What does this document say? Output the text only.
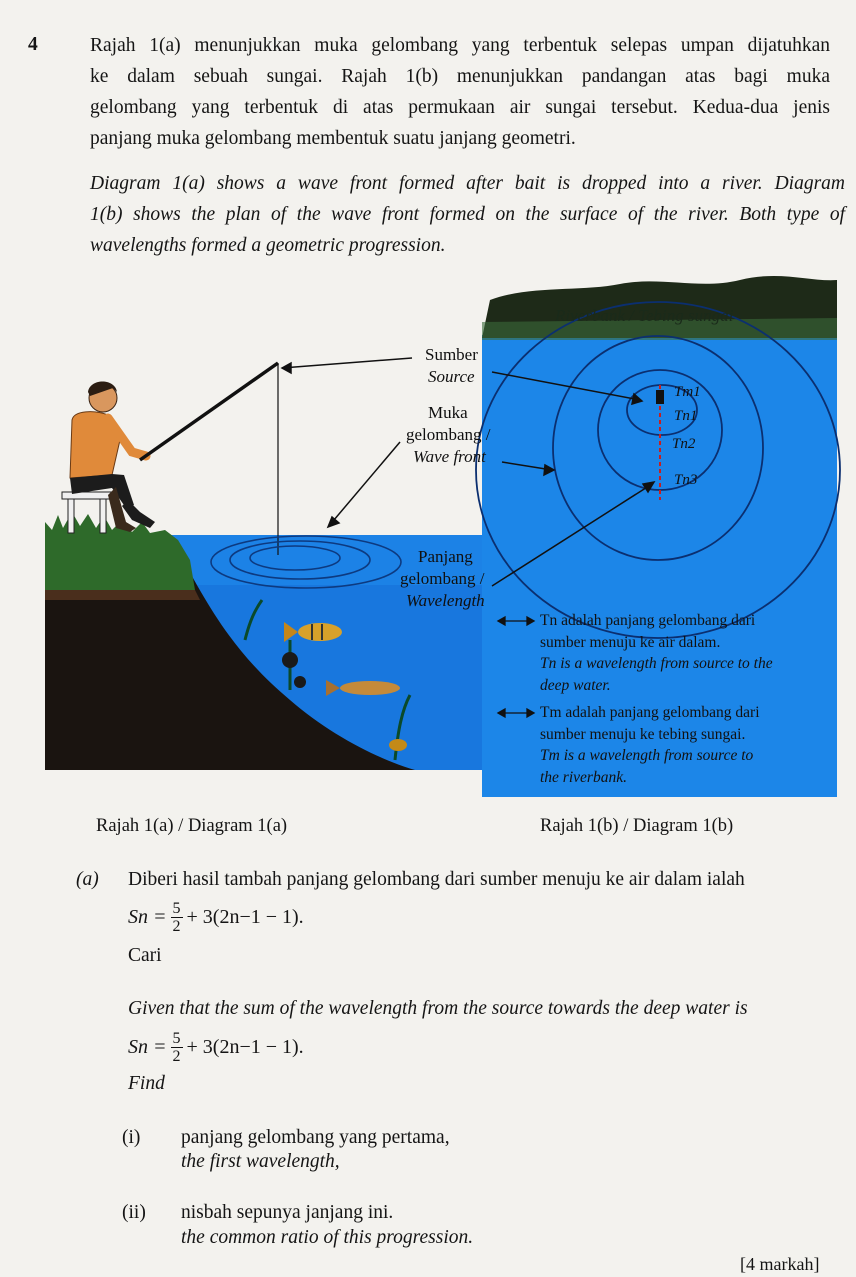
4	Rajah 1(a) menunjukkan muka gelombang yang terbentuk selepas umpan dijatuhkan
ke dalam sebuah sungai. Rajah 1(b) menunjukkan pandangan atas bagi muka
gelombang yang terbentuk di atas permukaan air sungai tersebut. Kedua-dua jenis
panjang muka gelombang membentuk suatu janjang geometri.
Diagram 1(a) shows a wave front formed after bait is dropped into a river. Diagram
1(b) shows the plan of the wave front formed on the surface of the river. Both type of
wavelengths formed a geometric progression.
Riverbank / Tebing sungai
Sumber
Source
Muka
gelombang /
Wave front
Panjang
gelombang /
Wavelength
Tm1
Tn1
Tn2
Tn3
Tn adalah panjang gelombang dari
sumber menuju ke air dalam.
Tn is a wavelength from source to the
deep water.
Tm adalah panjang gelombang dari
sumber menuju ke tebing sungai.
Tm is a wavelength from source to
the riverbank.
Rajah 1(a) / Diagram 1(a)	Rajah 1(b) / Diagram 1(b)
(a) Diberi hasil tambah panjang gelombang dari sumber menuju ke air dalam ialah
$Sn = \frac{5}{2} + 3(2n-1 - 1)$.
Cari
Given that the sum of the wavelength from the source towards the deep water is
$Sn = \frac{5}{2} + 3(2n-1 - 1)$.
Find
(i) panjang gelombang yang pertama,
the first wavelength,
(ii) nisbah sepunya janjang ini.
the common ratio of this progression.
[4 markah]
